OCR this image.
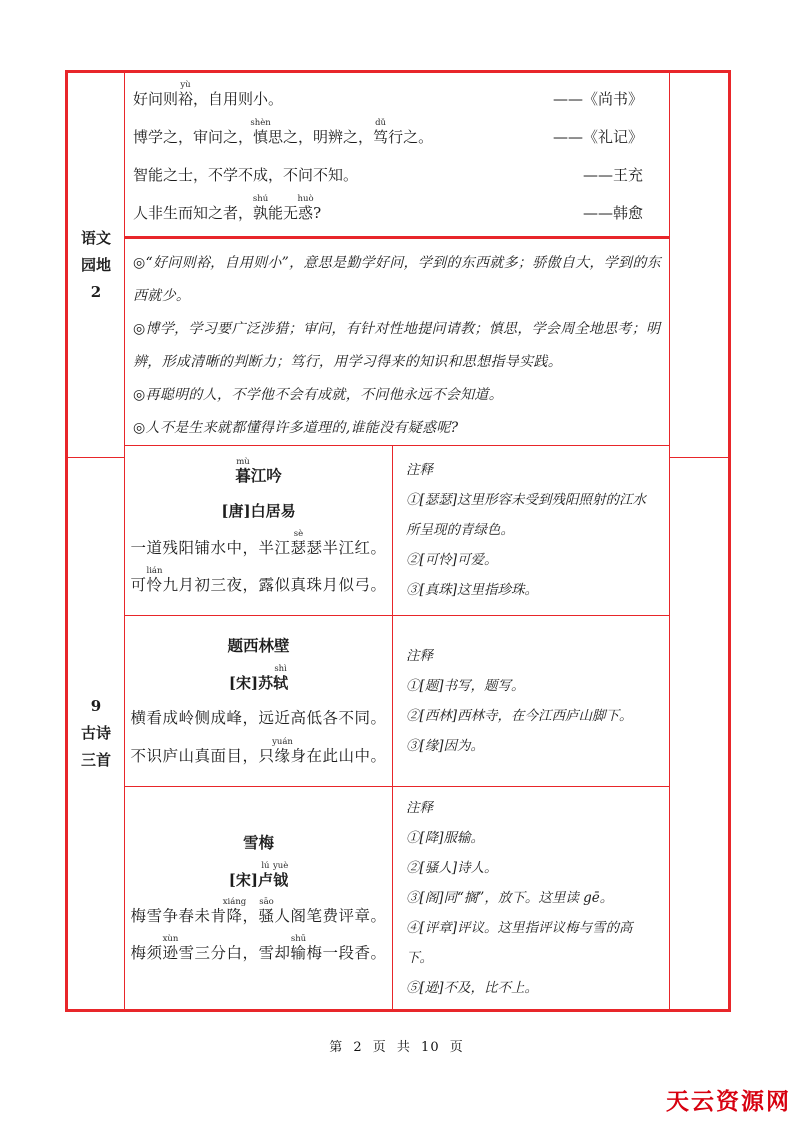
语文
园地
2
9
古诗
三首
好问则裕yù，自用则小。	——《尚书》
博学之，审问之，慎shèn思之，明辨之，笃dǔ行之。	——《礼记》
智能之士，不学不成，不问不知。	——王充
人非生而知之者，孰shú能无惑huò?	——韩愈

◎“好问则裕，自用则小”，意思是勤学好问，学到的东西就多；骄傲自大，学到的东西就少。

◎博学，学习要广泛涉猎；审问，有针对性地提问请教；慎思，学会周全地思考；明辨，形成清晰的判断力；笃行，用学习得来的知识和思想指导实践。

◎再聪明的人，不学他不会有成就，不问他永远不会知道。

◎人不是生来就都懂得许多道理的,谁能没有疑惑呢?

暮mù江吟
[唐]白居易
一道残阳铺水中，半江瑟sè瑟半江红。
可怜lián九月初三夜，露似真珠月似弓。
注释

①[瑟瑟]这里形容未受到残阳照射的江水所呈现的青绿色。

②[可怜]可爱。

③[真珠]这里指珍珠。

题西林壁
[宋]苏轼shì
横看成岭侧成峰，远近高低各不同。
不识庐山真面目，只缘yuán身在此山中。
注释

①[题]书写，题写。

②[西林]西林寺，在今江西庐山脚下。

③[缘]因为。

雪梅
[宋]卢lú钺yuè
梅雪争春未肯降xiáng，骚sāo人阁笔费评章。
梅须逊xùn雪三分白，雪却输shū梅一段香。
注释

①[降]服输。

②[骚人]诗人。

③[阁]同“搁”，放下。这里读 gē。

④[评章]评议。这里指评议梅与雪的高下。

⑤[逊]不及，比不上。

第 2 页 共 10 页
天云资源网
